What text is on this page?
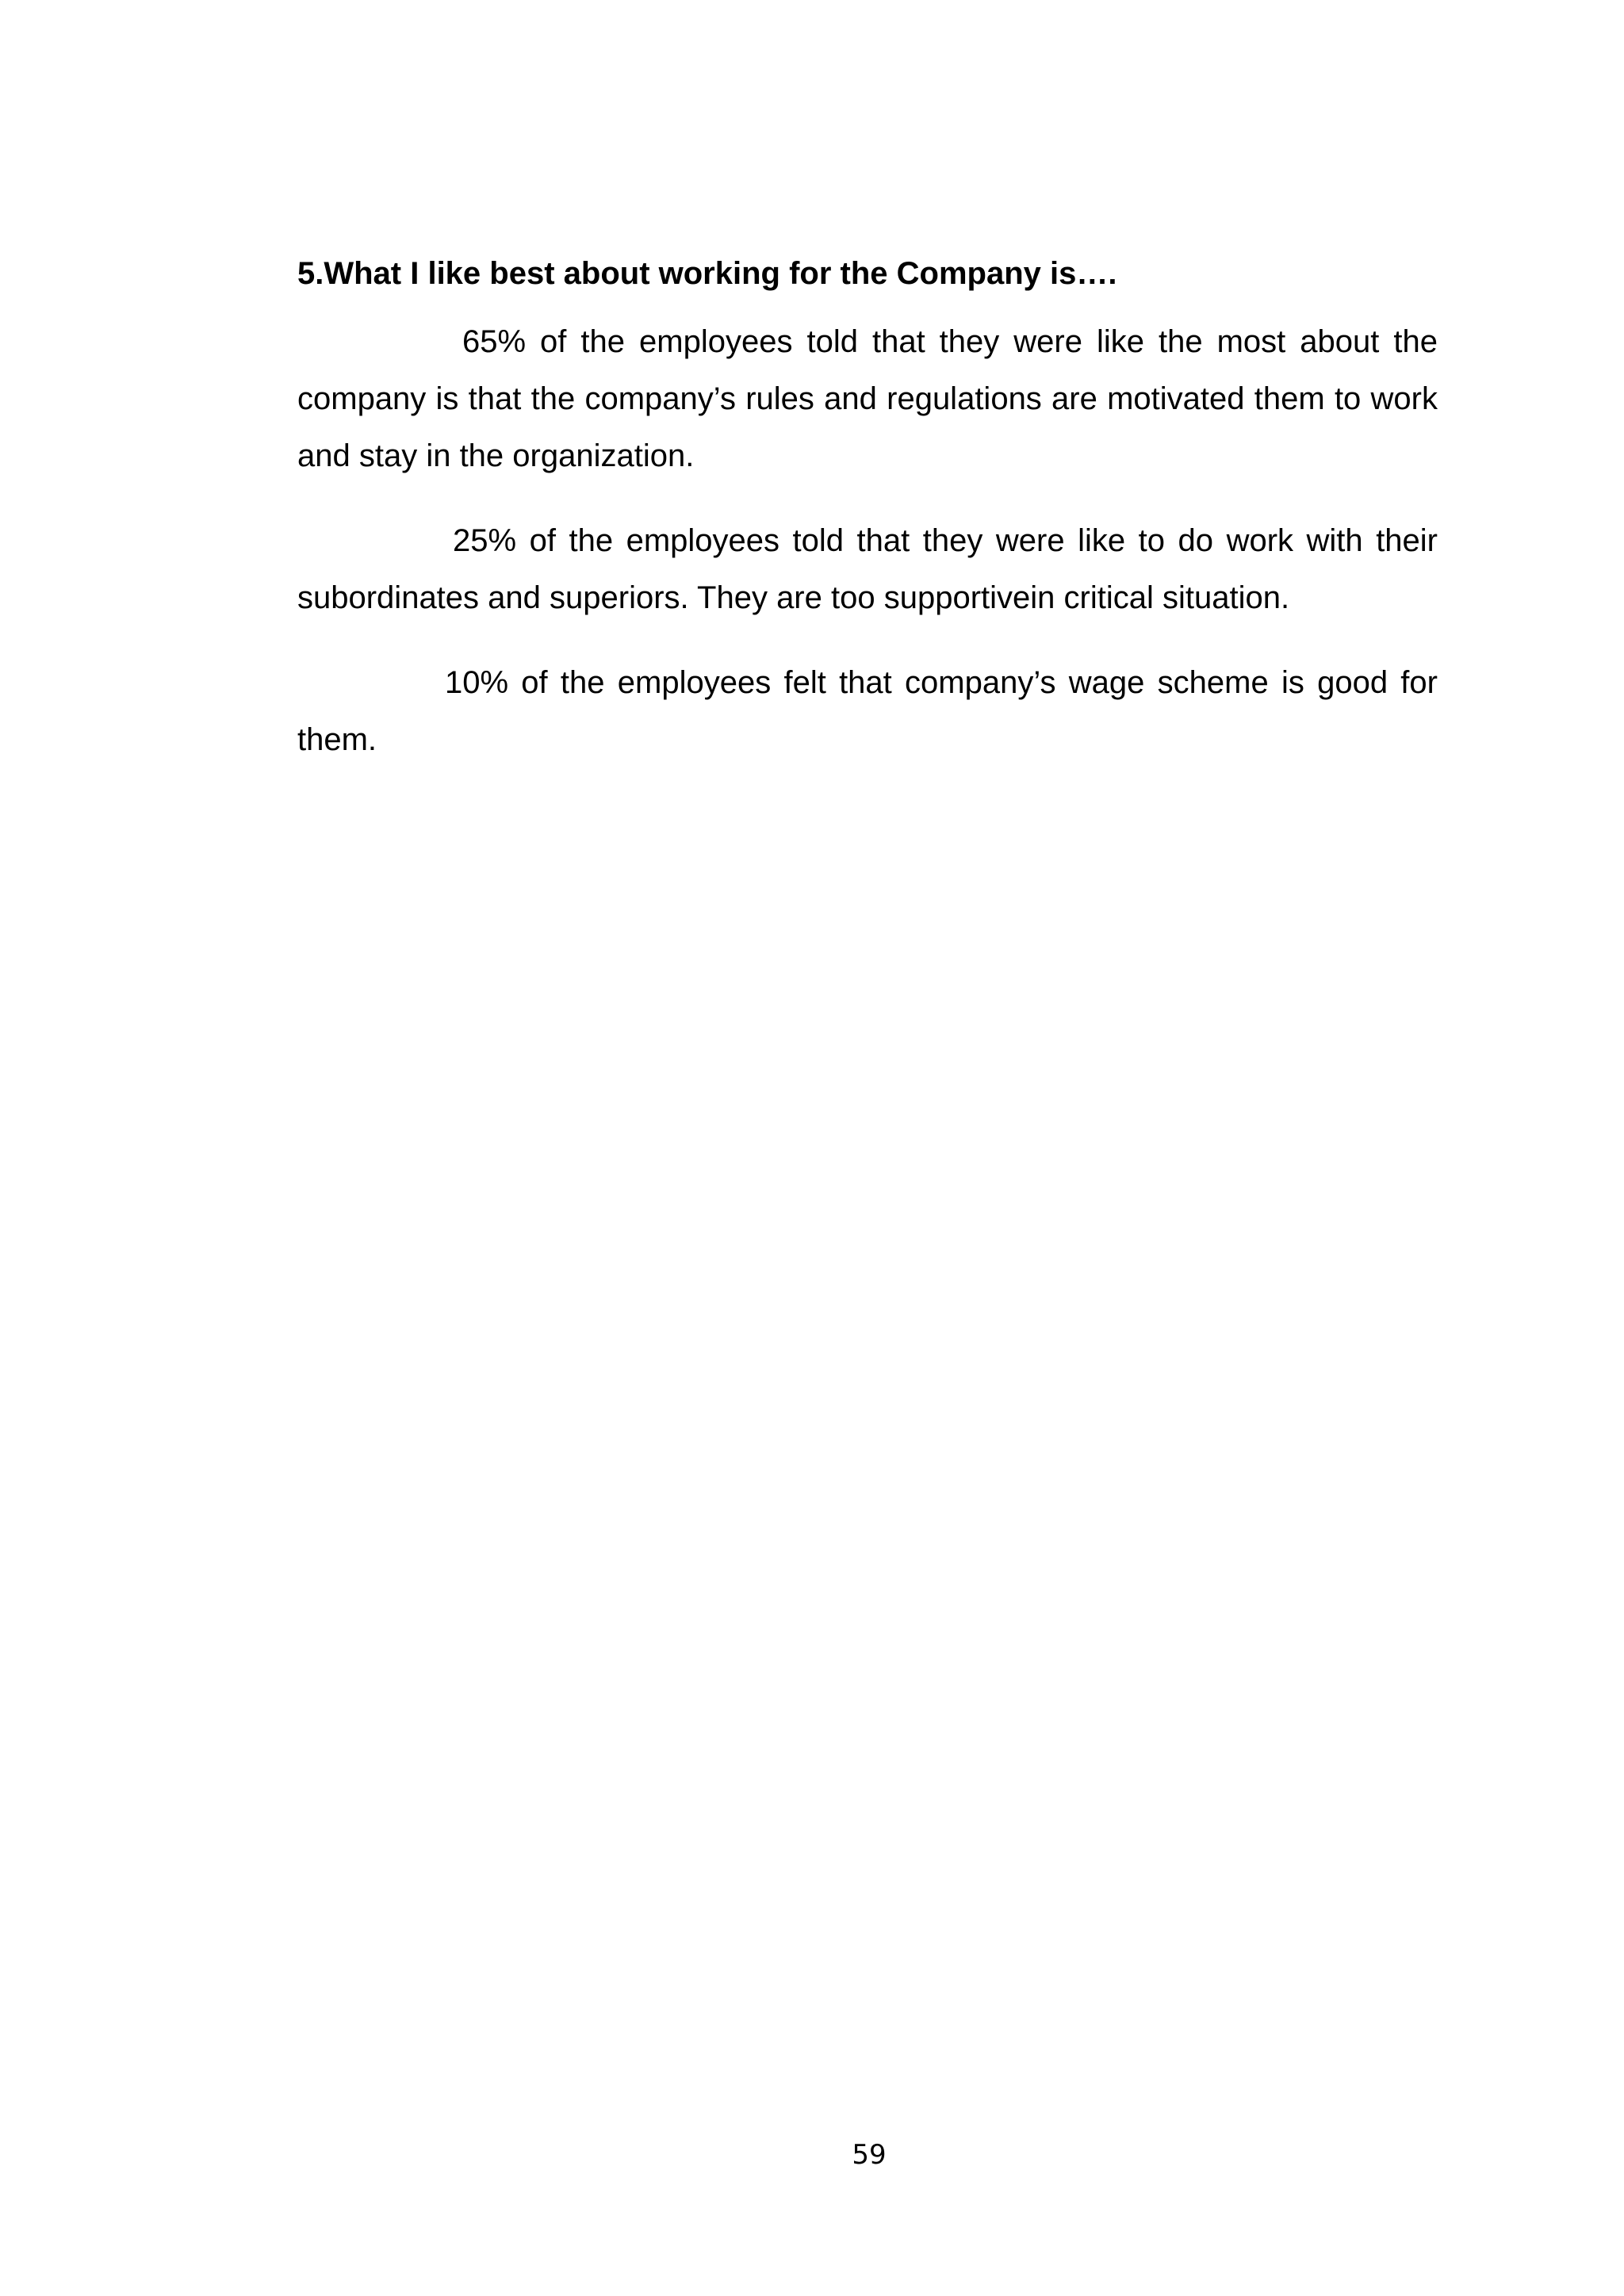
5.What I like best about working for the Company is….

65% of the employees told that they were like the most about the company is that the company’s rules and regulations are motivated them to work and stay in the organization.

25% of the employees told that they were like to do work with their subordinates and superiors. They are too supportivein critical situation.

10% of the employees felt that company’s wage scheme is good for them.

59
